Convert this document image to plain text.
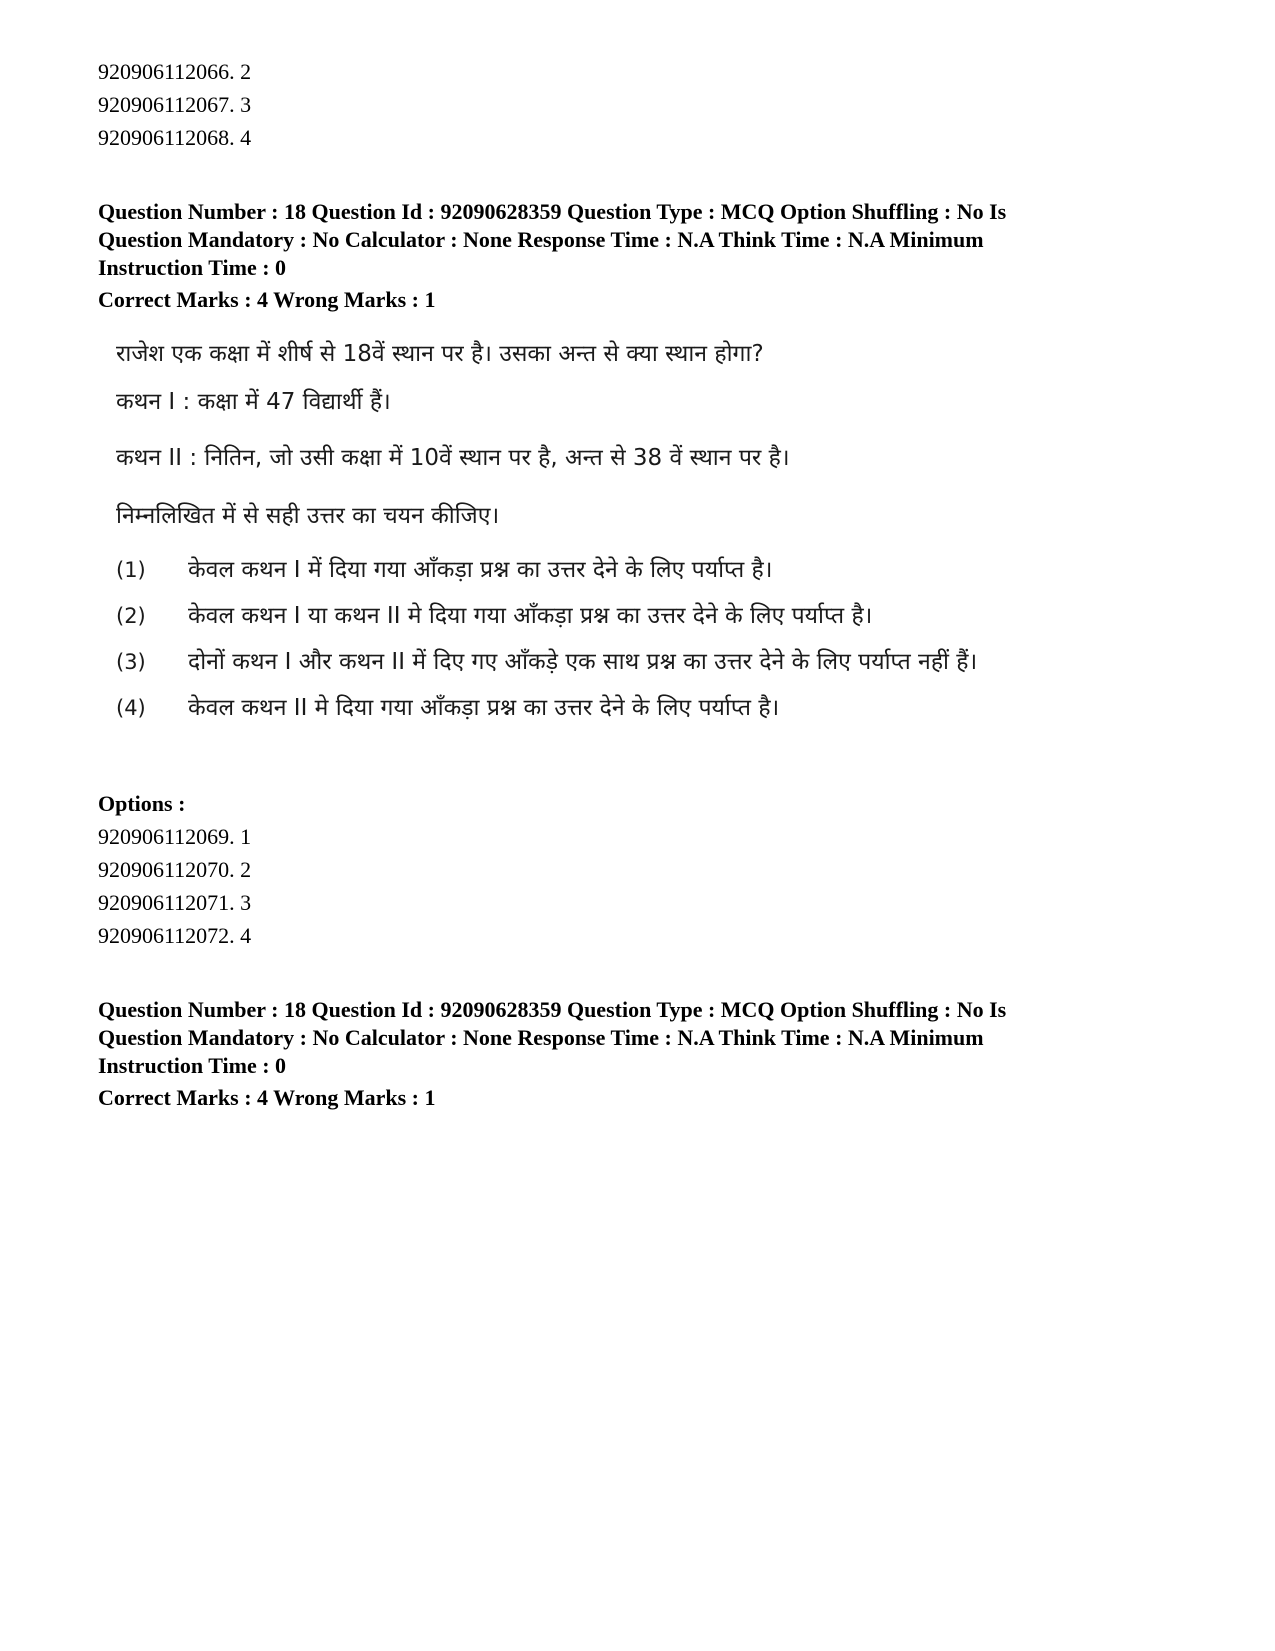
920906112066. 2
920906112067. 3
920906112068. 4
Question Number : 18 Question Id : 92090628359 Question Type : MCQ Option Shuffling : No Is
Question Mandatory : No Calculator : None Response Time : N.A Think Time : N.A Minimum
Instruction Time : 0
Correct Marks : 4 Wrong Marks : 1
राजेश एक कक्षा में शीर्ष से 18वें स्थान पर है। उसका अन्त से क्या स्थान होगा?
कथन I : कक्षा में 47 विद्यार्थी हैं।
कथन II : नितिन, जो उसी कक्षा में 10वें स्थान पर है, अन्त से 38 वें स्थान पर है।
निम्नलिखित में से सही उत्तर का चयन कीजिए।
(1) केवल कथन I में दिया गया आँकड़ा प्रश्न का उत्तर देने के लिए पर्याप्त है।
(2) केवल कथन I या कथन II मे दिया गया आँकड़ा प्रश्न का उत्तर देने के लिए पर्याप्त है।
(3) दोनों कथन I और कथन II में दिए गए आँकड़े एक साथ प्रश्न का उत्तर देने के लिए पर्याप्त नहीं हैं।
(4) केवल कथन II मे दिया गया आँकड़ा प्रश्न का उत्तर देने के लिए पर्याप्त है।
Options :
920906112069. 1
920906112070. 2
920906112071. 3
920906112072. 4
Question Number : 18 Question Id : 92090628359 Question Type : MCQ Option Shuffling : No Is
Question Mandatory : No Calculator : None Response Time : N.A Think Time : N.A Minimum
Instruction Time : 0
Correct Marks : 4 Wrong Marks : 1
